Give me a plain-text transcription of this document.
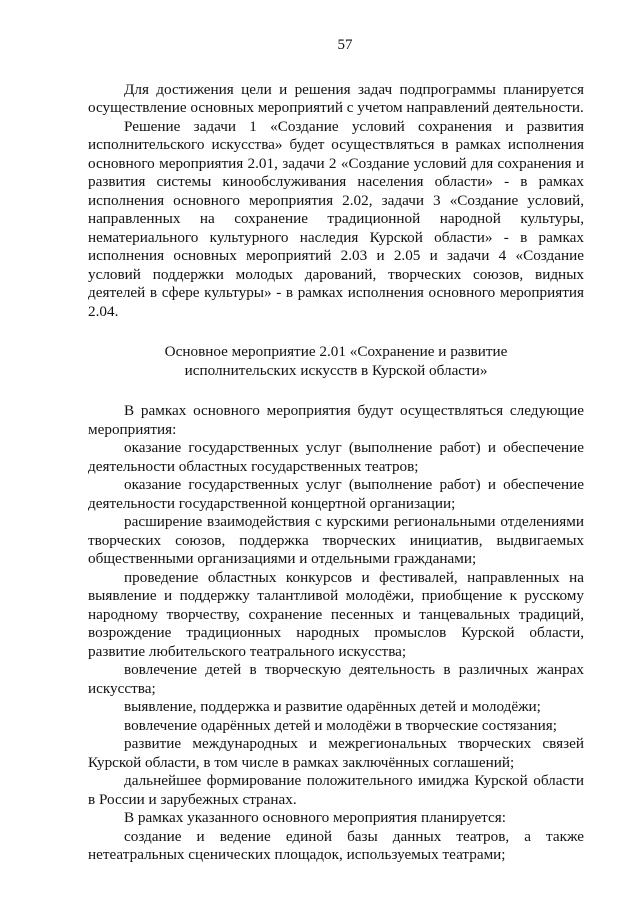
57

Для достижения цели и решения задач подпрограммы планируется осуществление основных мероприятий с учетом направлений деятельности.

Решение задачи 1 «Создание условий сохранения и развития исполнительского искусства» будет осуществляться в рамках исполнения основного мероприятия 2.01, задачи 2 «Создание условий для сохранения и развития системы кинообслуживания населения области» - в рамках исполнения основного мероприятия 2.02, задачи 3 «Создание условий, направленных на сохранение традиционной народной культуры, нематериального культурного наследия Курской области» - в рамках исполнения основных мероприятий 2.03 и 2.05 и задачи 4 «Создание условий поддержки молодых дарований, творческих союзов, видных деятелей в сфере культуры» - в рамках исполнения основного мероприятия 2.04.

Основное мероприятие 2.01 «Сохранение и развитие исполнительских искусств в Курской области»

В рамках основного мероприятия будут осуществляться следующие мероприятия:

оказание государственных услуг (выполнение работ) и обеспечение деятельности областных государственных театров;

оказание государственных услуг (выполнение работ) и обеспечение деятельности государственной концертной организации;

расширение взаимодействия с курскими региональными отделениями творческих союзов, поддержка творческих инициатив, выдвигаемых общественными организациями и отдельными гражданами;

проведение областных конкурсов и фестивалей, направленных на выявление и поддержку талантливой молодёжи, приобщение к русскому народному творчеству, сохранение песенных и танцевальных традиций, возрождение традиционных народных промыслов Курской области, развитие любительского театрального искусства;

вовлечение детей в творческую деятельность в различных жанрах искусства;

выявление, поддержка и развитие одарённых детей и молодёжи;

вовлечение одарённых детей и молодёжи в творческие состязания;

развитие международных и межрегиональных творческих связей Курской области, в том числе в рамках заключённых соглашений;

дальнейшее формирование положительного имиджа Курской области в России и зарубежных странах.

В рамках указанного основного мероприятия планируется:

создание и ведение единой базы данных театров, а также нетеатральных сценических площадок, используемых театрами;
